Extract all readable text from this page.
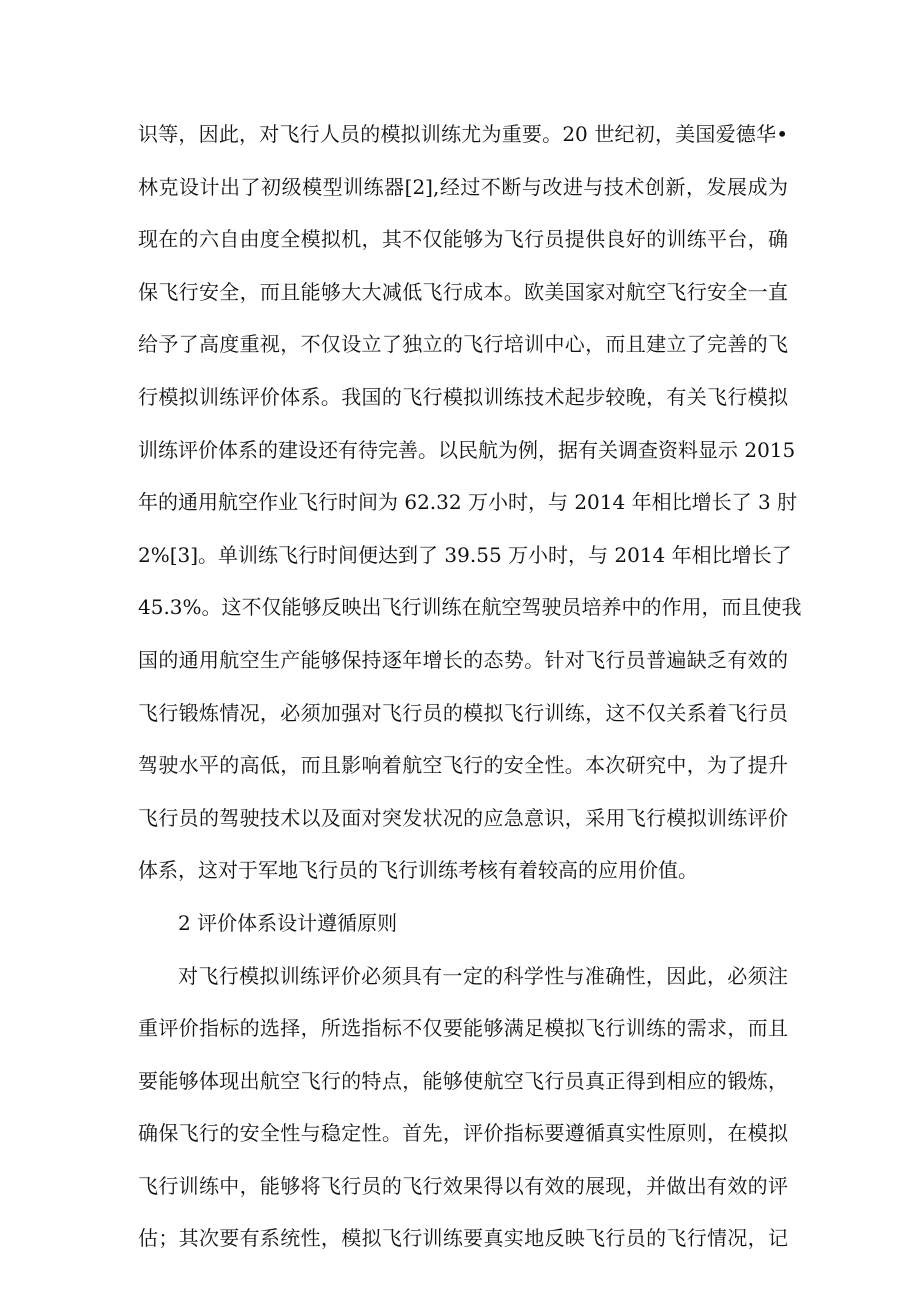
识等，因此，对飞行人员的模拟训练尤为重要。20 世纪初，美国爱德华•
林克设计出了初级模型训练器[2],经过不断与改进与技术创新，发展成为
现在的六自由度全模拟机，其不仅能够为飞行员提供良好的训练平台，确
保飞行安全，而且能够大大减低飞行成本。欧美国家对航空飞行安全一直
给予了高度重视，不仅设立了独立的飞行培训中心，而且建立了完善的飞
行模拟训练评价体系。我国的飞行模拟训练技术起步较晚，有关飞行模拟
训练评价体系的建设还有待完善。以民航为例，据有关调查资料显示 2015
年的通用航空作业飞行时间为 62.32 万小时，与 2014 年相比增长了 3 肘
2%[3]。单训练飞行时间便达到了 39.55 万小时，与 2014 年相比增长了
45.3%。这不仅能够反映出飞行训练在航空驾驶员培养中的作用，而且使我
国的通用航空生产能够保持逐年增长的态势。针对飞行员普遍缺乏有效的
飞行锻炼情况，必须加强对飞行员的模拟飞行训练，这不仅关系着飞行员
驾驶水平的高低，而且影响着航空飞行的安全性。本次研究中，为了提升
飞行员的驾驶技术以及面对突发状况的应急意识，采用飞行模拟训练评价
体系，这对于军地飞行员的飞行训练考核有着较高的应用价值。
2 评价体系设计遵循原则
对飞行模拟训练评价必须具有一定的科学性与准确性，因此，必须注
重评价指标的选择，所选指标不仅要能够满足模拟飞行训练的需求，而且
要能够体现出航空飞行的特点，能够使航空飞行员真正得到相应的锻炼，
确保飞行的安全性与稳定性。首先，评价指标要遵循真实性原则，在模拟
飞行训练中，能够将飞行员的飞行效果得以有效的展现，并做出有效的评
估；其次要有系统性，模拟飞行训练要真实地反映飞行员的飞行情况，记
